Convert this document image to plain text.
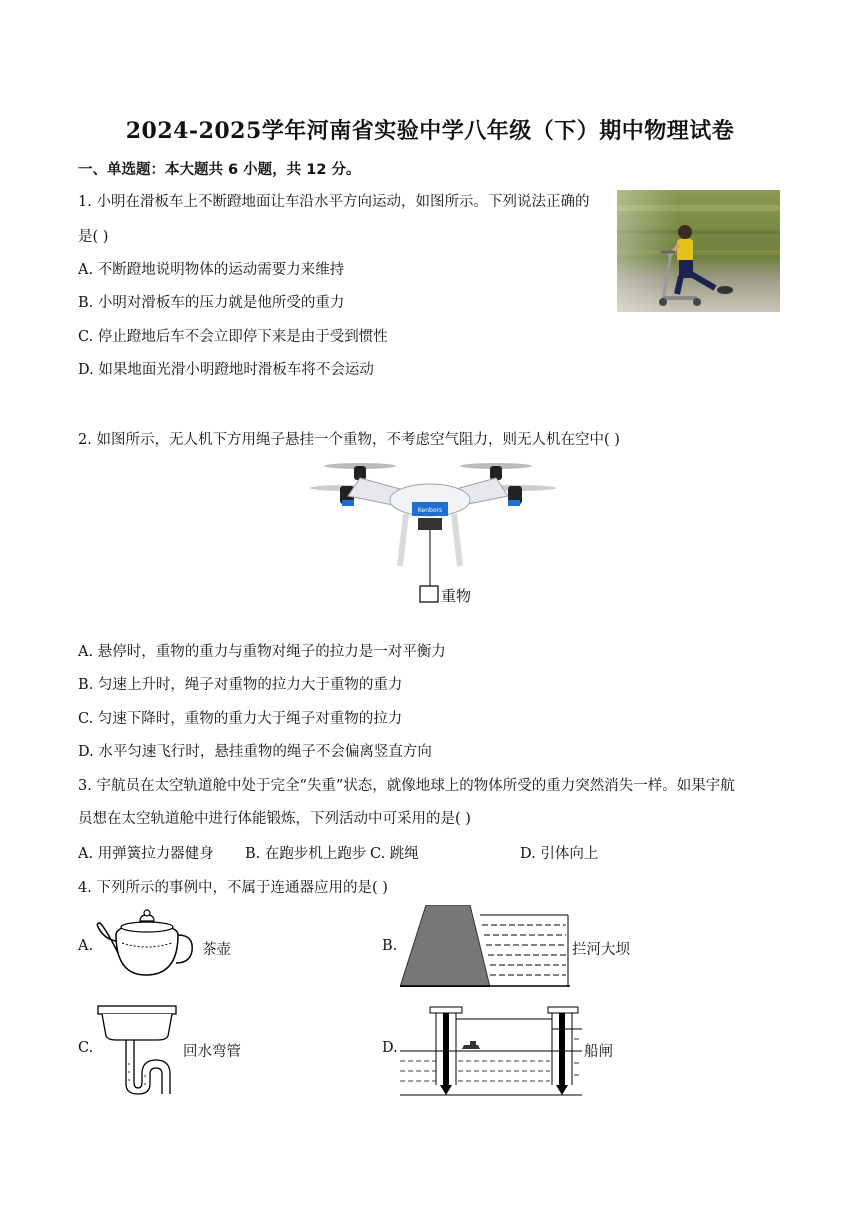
2024-2025学年河南省实验中学八年级（下）期中物理试卷
一、单选题：本大题共 6 小题，共 12 分。
1. 小明在滑板车上不断蹬地面让车沿水平方向运动，如图所示。下列说法正确的
是( )
A. 不断蹬地说明物体的运动需要力来维持
B. 小明对滑板车的压力就是他所受的重力
C. 停止蹬地后车不会立即停下来是由于受到惯性
D. 如果地面光滑小明蹬地时滑板车将不会运动
2. 如图所示，无人机下方用绳子悬挂一个重物，不考虑空气阻力，则无人机在空中( )
Kenbors
重物
A. 悬停时，重物的重力与重物对绳子的拉力是一对平衡力
B. 匀速上升时，绳子对重物的拉力大于重物的重力
C. 匀速下降时，重物的重力大于绳子对重物的拉力
D. 水平匀速飞行时，悬挂重物的绳子不会偏离竖直方向
3. 宇航员在太空轨道舱中处于完全“失重”状态，就像地球上的物体所受的重力突然消失一样。如果宇航
员想在太空轨道舱中进行体能锻炼，下列活动中可采用的是( )
A. 用弹簧拉力器健身 B. 在跑步机上跑步 C. 跳绳	D. 引体向上
4. 下列所示的事例中，不属于连通器应用的是( )
A.	茶壶	B.	拦河大坝
C.	回水弯管	D.	船闸
